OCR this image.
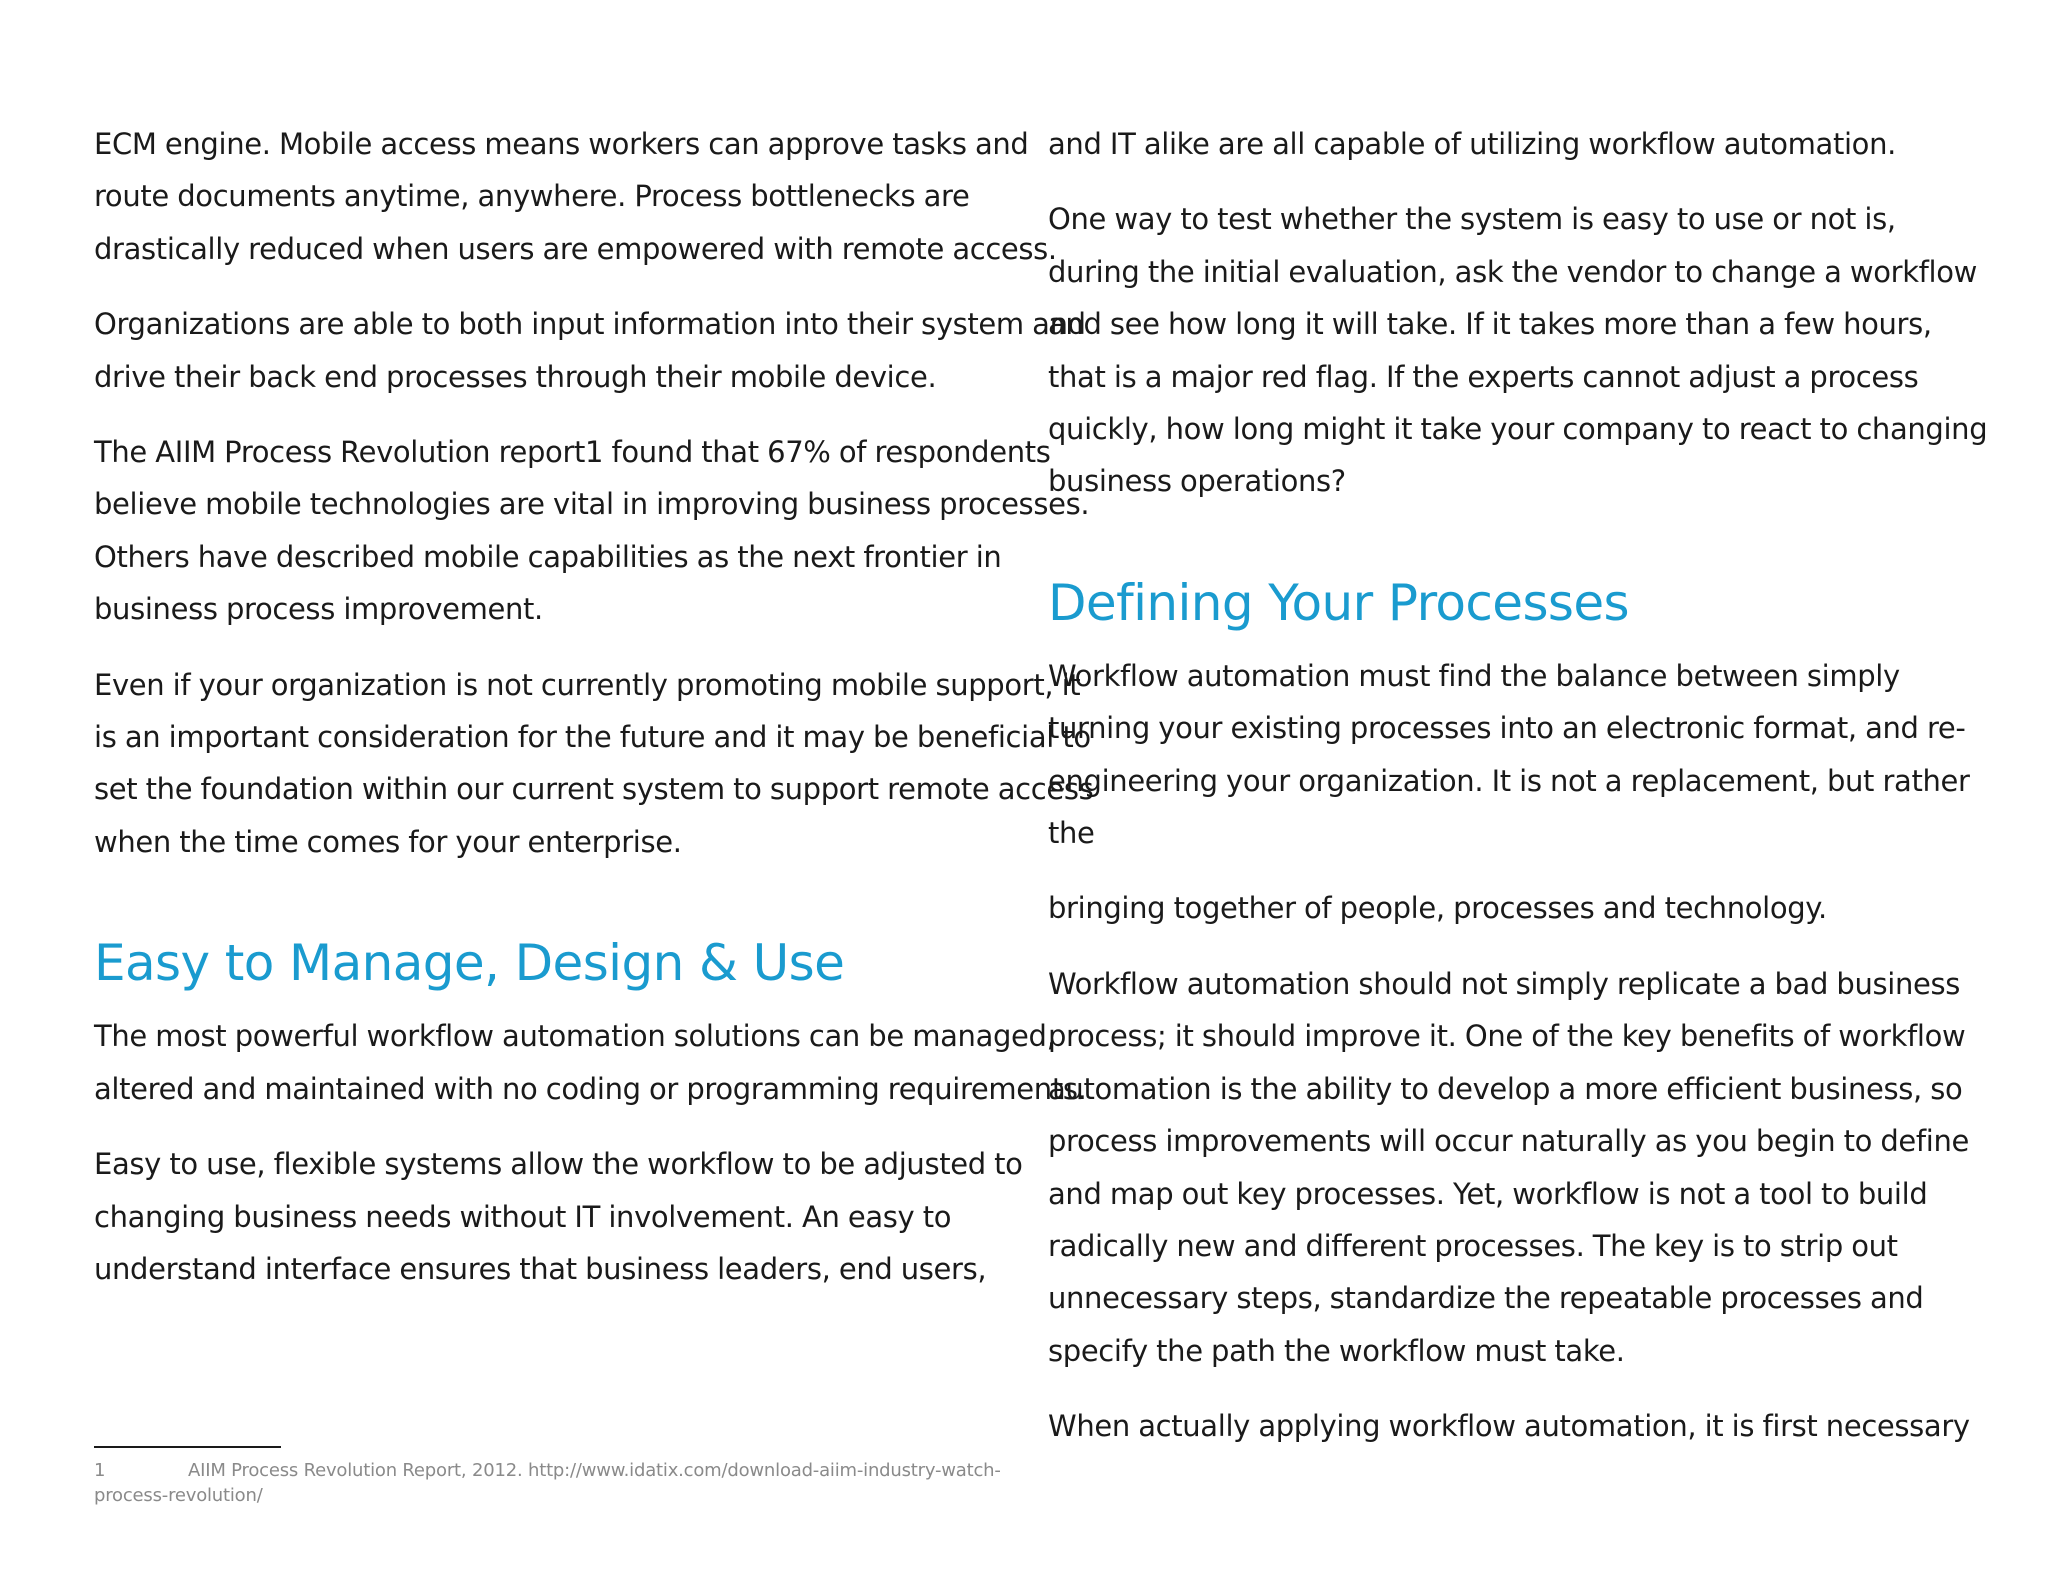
ECM engine. Mobile access means workers can approve tasks and route documents anytime, anywhere. Process bottlenecks are drastically reduced when users are empowered with remote access.

Organizations are able to both input information into their system and drive their back end processes through their mobile device.

The AIIM Process Revolution report1 found that 67% of respondents believe mobile technologies are vital in improving business processes. Others have described mobile capabilities as the next frontier in business process improvement.

Even if your organization is not currently promoting mobile support, it is an important consideration for the future and it may be beneficial to set the foundation within our current system to support remote access when the time comes for your enterprise.

Easy to Manage, Design & Use

The most powerful workflow automation solutions can be managed, altered and maintained with no coding or programming requirements.

Easy to use, flexible systems allow the workflow to be adjusted to changing business needs without IT involvement. An easy to understand interface ensures that business leaders, end users,

and IT alike are all capable of utilizing workflow automation.

One way to test whether the system is easy to use or not is, during the initial evaluation, ask the vendor to change a workflow and see how long it will take. If it takes more than a few hours, that is a major red flag. If the experts cannot adjust a process quickly, how long might it take your company to react to changing business operations?

Defining Your Processes

Workflow automation must find the balance between simply turning your existing processes into an electronic format, and re-engineering your organization. It is not a replacement, but rather the

bringing together of people, processes and technology.

Workflow automation should not simply replicate a bad business process; it should improve it. One of the key benefits of workflow automation is the ability to develop a more efficient business, so process improvements will occur naturally as you begin to define and map out key processes. Yet, workflow is not a tool to build radically new and different processes. The key is to strip out unnecessary steps, standardize the repeatable processes and specify the path the workflow must take.

When actually applying workflow automation, it is first necessary

1	AIIM Process Revolution Report, 2012. http://www.idatix.com/download-aiim-industry-watch-process-revolution/
